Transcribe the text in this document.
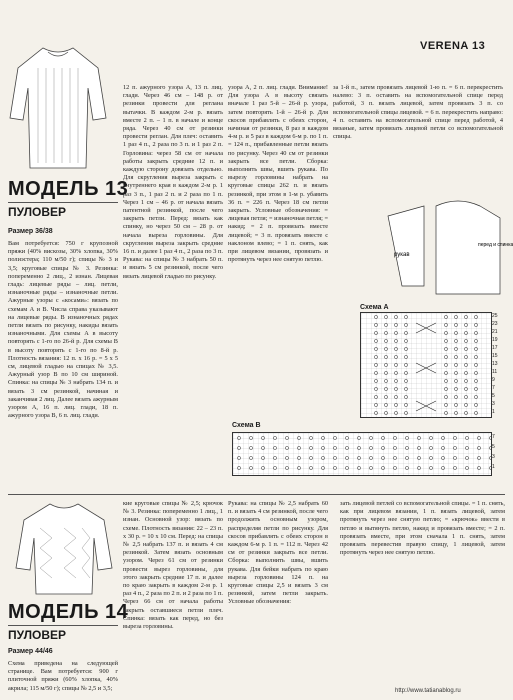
VERENA 13
МОДЕЛЬ 13
ПУЛОВЕР
Размер 36/38
Вам потребуется: 750 г крупозной пряжи (40% вискозы, 30% хлопка, 30% полиэстера; 110 м/50 г); спицы № 3 и 3,5; круговые спицы № 3. Резинка: попеременно 2 лиц., 2 изнан. Лицевая гладь: лицевые ряды – лиц. петли, изнаночные ряды – изнаночные петли. Ажурные узоры с «косами»: вязать по схемам А и В. Числа справа указывают на лицевые ряды. В изнаночных рядах петли вязать по рисунку, накиды вязать изнаночными. Для схемы А в высоту повторять с 1-го по 26-й р. Для схемы В в высоту повторять с 1-го по 8-й р. Плотность вязания: 12 п. x 16 р. = 5 x 5 см, лицевой гладью на спицах № 3,5. Ажурный узор В по 10 см шириной. Спинка: на спицы № 3 набрать 134 п. и вязать 3 см резинкой, начиная и заканчивая 2 лиц. Далее вязать ажурным узором А, 16 п. лиц. глади, 18 п. ажурного узора В, 6 п. лиц. глади.
12 п. ажурного узора А, 13 п. лиц. глади. Через 46 см – 148 р. от резинки провести для реглана вытачки. В каждом 2-м р. вязать вместе 2 п. – 1 п. в начале и конце ряда. Через 40 см от резинки провести реглан. Для плеч: оставить 1 раз 4 п., 2 раза по 3 п. и 1 раз 2 п. Горловина: через 58 см от начала работы закрыть средние 12 п. и каждую сторону довязать отдельно. Для скругления выреза закрыть с внутреннего края в каждом 2-м р. 1 раз 3 п., 1 раз 2 п. и 2 раза по 1 п. Через 1 см – 46 р. от начала вязать патентной резинкой, после чего закрыть петли. Перед: вязать как спинку, но через 50 см – 28 р. от начала выреза горловины. Для скругления выреза закрыть средние 16 п. и далее 1 раз 4 п., 2 раза по 3 п. Рукава: на спицы № 3 набрать 50 п. и вязать 5 см резинкой, после чего вязать лицевой гладью по рисунку.
узора А, 2 п. лиц. глади. Внимание! Для узора А в высоту связать вначале 1 раз 5-й – 26-й р. узора, затем повторять 1-й – 26-й р. Для скосов прибавлять с обеих сторон, начиная от резинки, 8 раз в каждом 4-м р. и 5 раз в каждом 6-м р. по 1 п. = 124 п., прибавленные петли вязать по рисунку. Через 40 см от резинки закрыть все петли. Сборка: выполнить швы, вшить рукава. По вырезу горловины набрать на круговые спицы 262 п. и вязать резинкой, при этом в 1-м р. убавить 36 п. = 226 п. Через 18 см петли закрыть. Условные обозначения: = лицевая петля; = изнаночная петля; = накид; = 2 п. провязать вместе лицевой; = 3 п. провязать вместе с наклоном влево; = 1 п. снять, как при лицевом вязании, провязать и протянуть через нее снятую петлю.
за 1-й п., затем провязать лицевой 1-ю п. = 6 п. перекрестить налево: 3 п. оставить на вспомогательной спице перед работой, 3 п. вязать лицевой, затем провязать 3 п. со вспомогательной спицы лицевой. = 6 п. перекрестить направо: 4 п. оставить на вспомогательной спице перед работой, 4 вязаные, затем провязать лицевой петли со вспомогательной спицы.
рукав
перед и спинка
Схема А
25
23
21
19
17
15
13
11
9
7
5
3
1
Схема В
7
5
3
1
МОДЕЛЬ 14
ПУЛОВЕР
Размер 44/46
Схема приведена на следующей странице. Вам потребуется: 900 г плиточной пряжи (60% хлопка, 40% акрила; 115 м/50 г); спицы № 2,5 и 3,5;
кие круговые спицы № 2,5; крючок № 3. Резинка: попеременно 1 лиц., 1 изнан. Основной узор: вязать по схеме. Плотность вязания: 22 – 23 п. x 30 р. = 10 x 10 см. Перед: на спицы № 2,5 набрать 137 п. и вязать 4 см резинкой. Затем вязать основным узором. Через 61 см от резинки провести вырез горловины, для этого закрыть средние 17 п. и далее по краю закрыть в каждом 2-м р. 1 раз 4 п., 2 раза по 2 п. и 2 раза по 1 п. Через 66 см от начала работы закрыть оставшиеся петли плеч. Спинка: вязать как перед, но без выреза горловины.
Рукава: на спицы № 2,5 набрать 60 п. и вязать 4 см резинкой, после чего продолжить основным узором, распределяя петли по рисунку. Для скосов прибавлять с обеих сторон в каждом 6-м р. 1 п. = 112 п. Через 42 см от резинки закрыть все петли. Сборка: выполнить швы, вшить рукава. Для бейки набрать по краю выреза горловины 124 п. на круговые спицы 2,5 и вязать 3 см резинкой, затем петли закрыть. Условные обозначения:
зать лицевой петлей со вспомогательной спицы. = 1 п. снять, как при лицевом вязании, 1 п. вязать лицевой, затем протянуть через нее снятую петлю; = «крючок» ввести в петлю и вытянуть петлю, накид и провязать вместе; = 2 п. провязать вместе, при этом сначала 1 п. снять, затем провязать перевестив правую спицу, 1 лицевой, затем протянуть через нее снятую петлю.
http://www.tatianablog.ru
